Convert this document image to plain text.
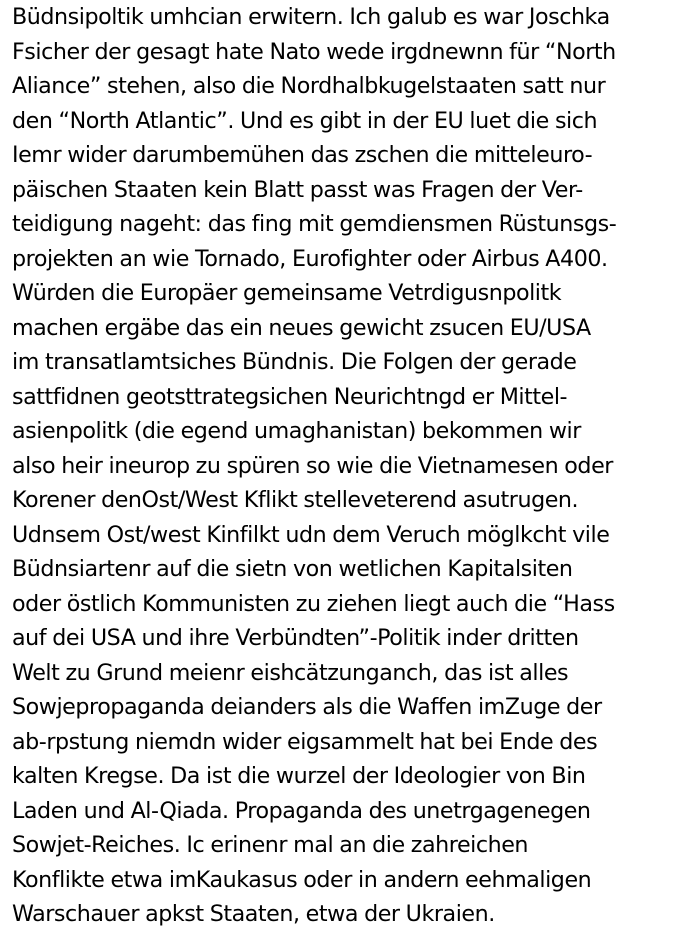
Büdnsipoltik umhcian erwitern. Ich galub es war Joschka
Fsicher der gesagt hate Nato wede irgdnewnn für “North
Aliance” stehen, also die Nordhalbkugelstaaten satt nur
den “North Atlantic”. Und es gibt in der EU luet die sich
Iemr wider darumbemühen das zschen die mitteleuro-
päischen Staaten kein Blatt passt was Fragen der Ver-
teidigung nageht: das fing mit gemdiensmen Rüstunsgs-
projekten an wie Tornado, Eurofighter oder Airbus A400.
Würden die Europäer gemeinsame Vetrdigusnpolitk
machen ergäbe das ein neues gewicht zsucen EU/USA
im transatlamtsiches Bündnis. Die Folgen der gerade
sattfidnen geotsttrategsichen Neurichtngd er Mittel-
asienpolitk (die egend umaghanistan) bekommen wir
also heir ineurop zu spüren so wie die Vietnamesen oder
Korener denOst/West Kflikt stelleveterend asutrugen.
Udnsem Ost/west Kinfilkt udn dem Veruch möglkcht vile
Büdnsiartenr auf die sietn von wetlichen Kapitalsiten
oder östlich Kommunisten zu ziehen liegt auch die “Hass
auf dei USA und ihre Verbündten”-Politik inder dritten
Welt zu Grund meienr eishcätzunganch, das ist alles
Sowjepropaganda deianders als die Waffen imZuge der
ab-rpstung niemdn wider eigsammelt hat bei Ende des
kalten Kregse. Da ist die wurzel der Ideologier von Bin
Laden und Al-Qiada. Propaganda des unetrgagenegen
Sowjet-Reiches. Ic erinenr mal an die zahreichen
Konflikte etwa imKaukasus oder in andern eehmaligen
Warschauer apkst Staaten, etwa der Ukraien.
